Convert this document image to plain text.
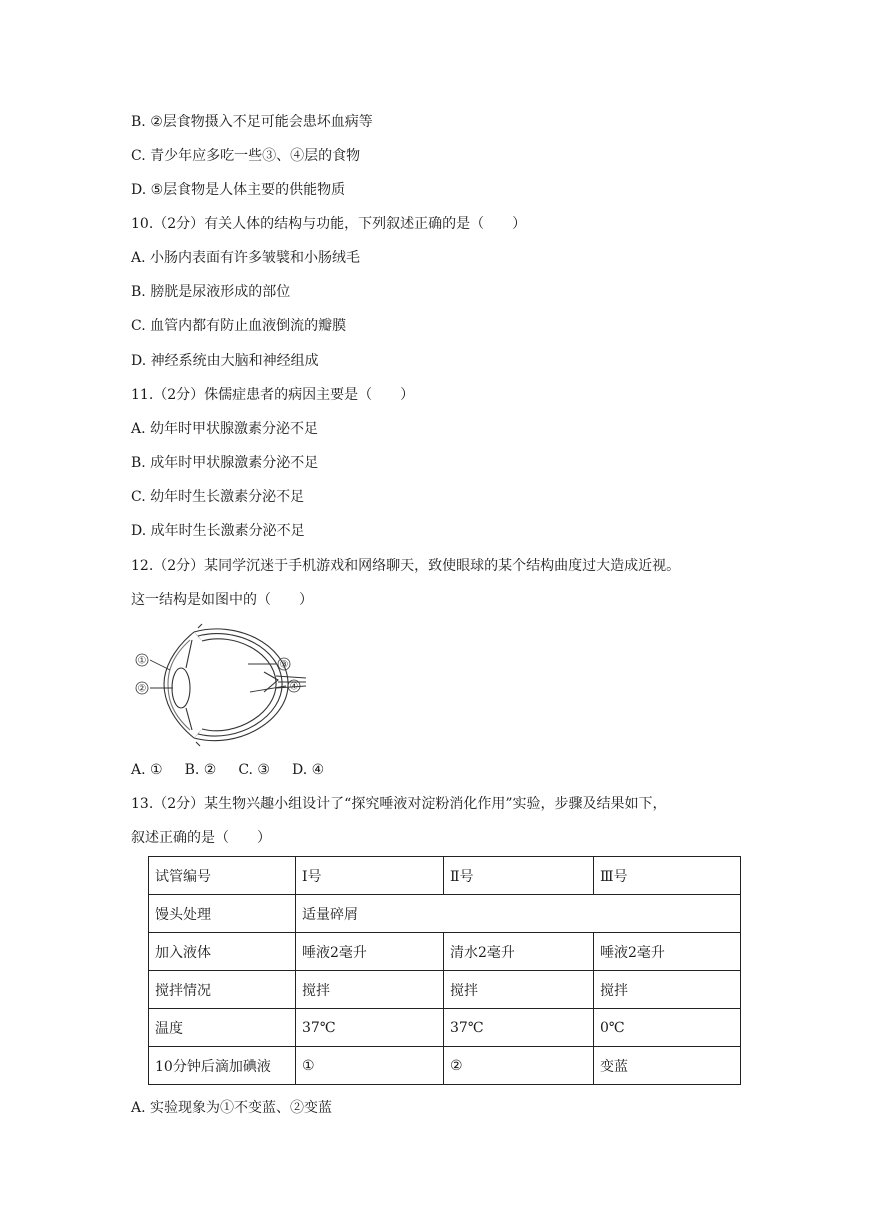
B. ②层食物摄入不足可能会患坏血病等
C. 青少年应多吃一些③、④层的食物
D. ⑤层食物是人体主要的供能物质
10.（2分）有关人体的结构与功能，下列叙述正确的是（　　）
A. 小肠内表面有许多皱襞和小肠绒毛
B. 膀胱是尿液形成的部位
C. 血管内都有防止血液倒流的瓣膜
D. 神经系统由大脑和神经组成
11.（2分）侏儒症患者的病因主要是（　　）
A. 幼年时甲状腺激素分泌不足
B. 成年时甲状腺激素分泌不足
C. 幼年时生长激素分泌不足
D. 成年时生长激素分泌不足
12.（2分）某同学沉迷于手机游戏和网络聊天，致使眼球的某个结构曲度过大造成近视。
这一结构是如图中的（　　）
①
②
③
④
A. ① B. ② C. ③ D. ④
13.（2分）某生物兴趣小组设计了“探究唾液对淀粉消化作用”实验，步骤及结果如下，
叙述正确的是（　　）
试管编号	Ⅰ号	Ⅱ号	Ⅲ号
馒头处理	适量碎屑		
加入液体	唾液2毫升	清水2毫升	唾液2毫升
搅拌情况	搅拌	搅拌	搅拌
温度	37℃	37℃	0℃
10分钟后滴加碘液	①	②	变蓝
A. 实验现象为①不变蓝、②变蓝
